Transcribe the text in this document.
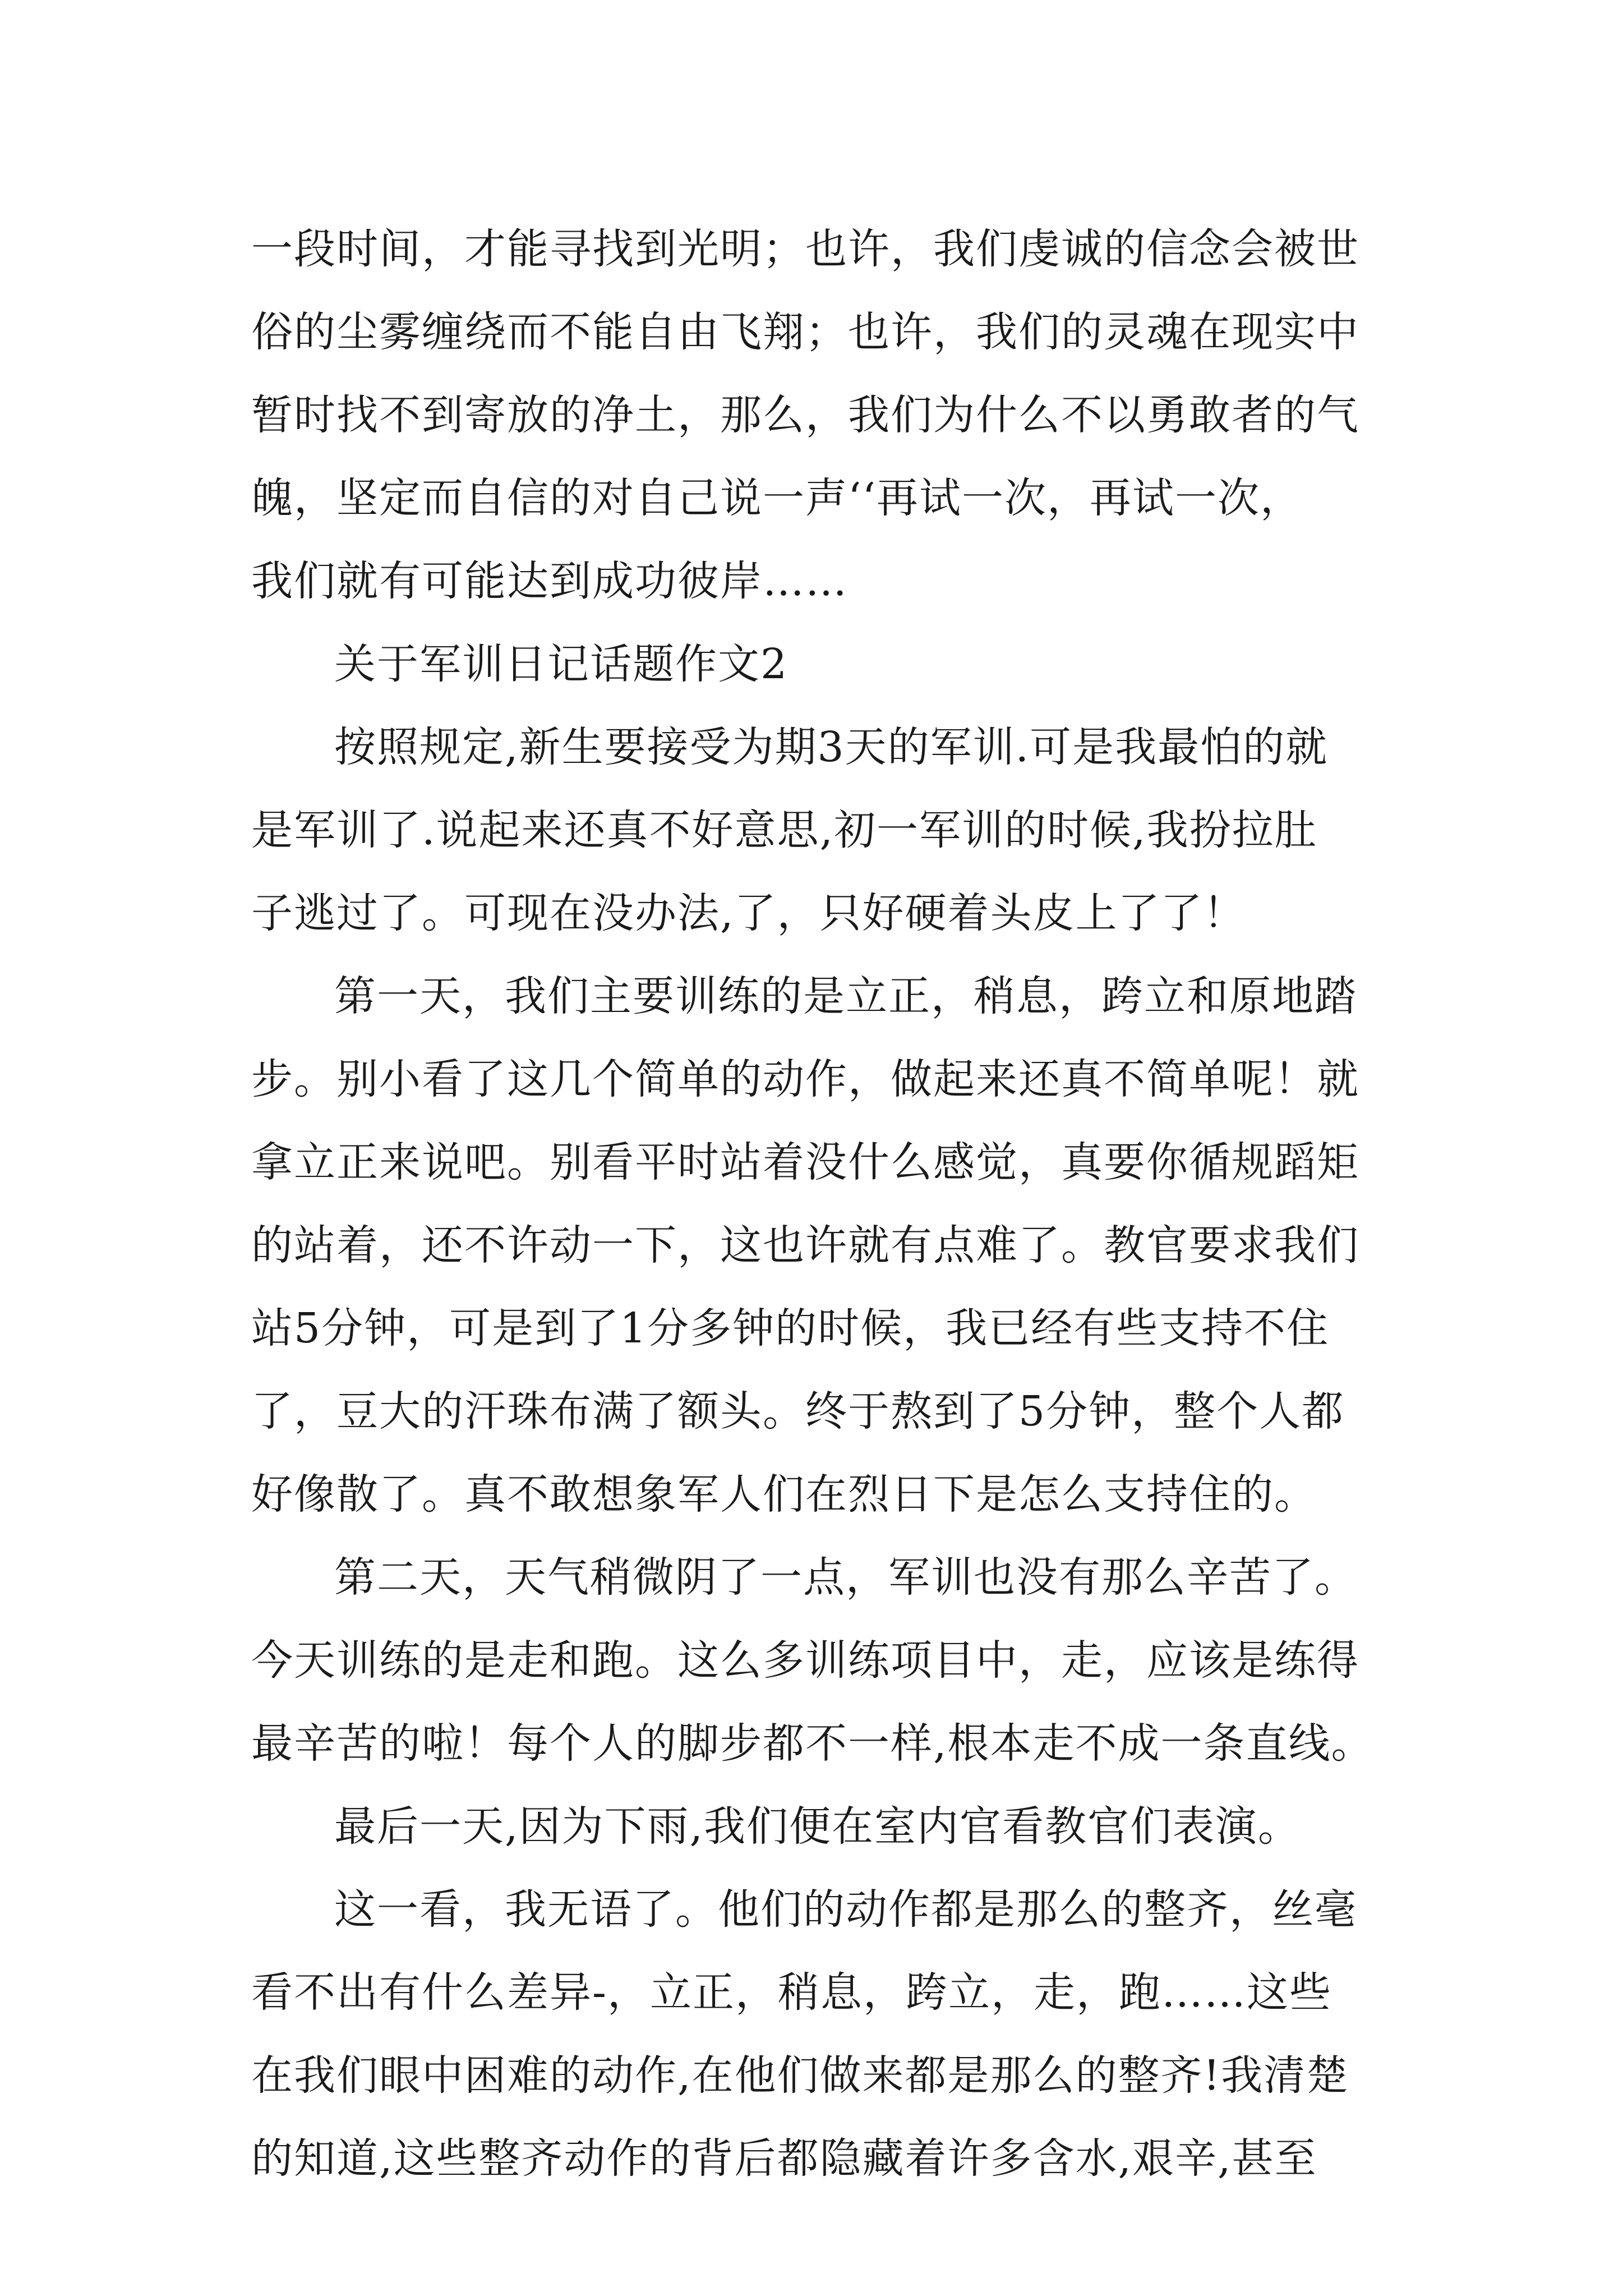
一段时间，才能寻找到光明；也许，我们虔诚的信念会被世
俗的尘雾缠绕而不能自由飞翔；也许，我们的灵魂在现实中
暂时找不到寄放的净土，那么，我们为什么不以勇敢者的气
魄，坚定而自信的对自己说一声‘‘再试一次，再试一次，
我们就有可能达到成功彼岸……
关于军训日记话题作文2
按照规定,新生要接受为期3天的军训.可是我最怕的就
是军训了.说起来还真不好意思,初一军训的时候,我扮拉肚
子逃过了。可现在没办法,了，只好硬着头皮上了了！
第一天，我们主要训练的是立正，稍息，跨立和原地踏
步。别小看了这几个简单的动作，做起来还真不简单呢！就
拿立正来说吧。别看平时站着没什么感觉，真要你循规蹈矩
的站着，还不许动一下，这也许就有点难了。教官要求我们
站5分钟，可是到了1分多钟的时候，我已经有些支持不住
了，豆大的汗珠布满了额头。终于熬到了5分钟，整个人都
好像散了。真不敢想象军人们在烈日下是怎么支持住的。
第二天，天气稍微阴了一点，军训也没有那么辛苦了。
今天训练的是走和跑。这么多训练项目中，走，应该是练得
最辛苦的啦！每个人的脚步都不一样,根本走不成一条直线。
最后一天,因为下雨,我们便在室内官看教官们表演。
这一看，我无语了。他们的动作都是那么的整齐，丝毫
看不出有什么差异-，立正，稍息，跨立，走，跑……这些
在我们眼中困难的动作,在他们做来都是那么的整齐!我清楚
的知道,这些整齐动作的背后都隐藏着许多含水,艰辛,甚至
